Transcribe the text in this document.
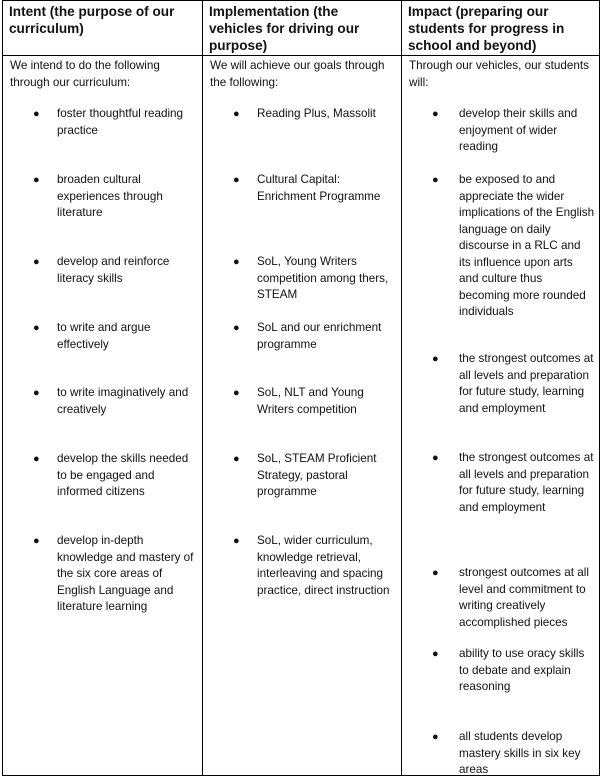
Intent (the purpose of our curriculum)
We intend to do the following through our curriculum:
● foster thoughtful reading practice
● broaden cultural experiences through literature
● develop and reinforce literacy skills
● to write and argue effectively
● to write imaginatively and creatively
● develop the skills needed to be engaged and informed citizens
● develop in-depth knowledge and mastery of the six core areas of English Language and literature learning
Implementation (the vehicles for driving our purpose)
We will achieve our goals through the following:
● Reading Plus, Massolit
● Cultural Capital: Enrichment Programme
● SoL, Young Writers competition among thers, STEAM
● SoL and our enrichment programme
● SoL, NLT and Young Writers competition
● SoL, STEAM Proficient Strategy, pastoral programme
● SoL, wider curriculum, knowledge retrieval, interleaving and spacing practice, direct instruction
Impact (preparing our students for progress in school and beyond)
Through our vehicles, our students will:
● develop their skills and enjoyment of wider reading
● be exposed to and appreciate the wider implications of the English language on daily discourse in a RLC and its influence upon arts and culture thus becoming more rounded individuals
● the strongest outcomes at all levels and preparation for future study, learning and employment
● the strongest outcomes at all levels and preparation for future study, learning and employment
● strongest outcomes at all level and commitment to writing creatively accomplished pieces
● ability to use oracy skills to debate and explain reasoning
● all students develop mastery skills in six key areas
